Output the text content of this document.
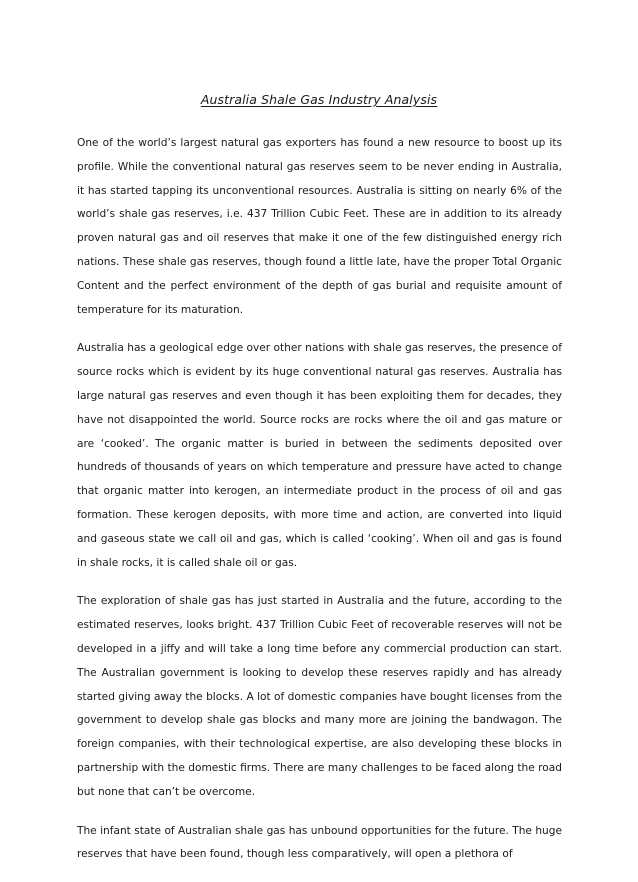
Australia Shale Gas Industry Analysis

One of the world’s largest natural gas exporters has found a new resource to boost up its profile. While the conventional natural gas reserves seem to be never ending in Australia, it has started tapping its unconventional resources. Australia is sitting on nearly 6% of the world’s shale gas reserves, i.e. 437 Trillion Cubic Feet. These are in addition to its already proven natural gas and oil reserves that make it one of the few distinguished energy rich nations. These shale gas reserves, though found a little late, have the proper Total Organic Content and the perfect environment of the depth of gas burial and requisite amount of temperature for its maturation.

Australia has a geological edge over other nations with shale gas reserves, the presence of source rocks which is evident by its huge conventional natural gas reserves. Australia has large natural gas reserves and even though it has been exploiting them for decades, they have not disappointed the world. Source rocks are rocks where the oil and gas mature or are ‘cooked’. The organic matter is buried in between the sediments deposited over hundreds of thousands of years on which temperature and pressure have acted to change that organic matter into kerogen, an intermediate product in the process of oil and gas formation. These kerogen deposits, with more time and action, are converted into liquid and gaseous state we call oil and gas, which is called ‘cooking’. When oil and gas is found in shale rocks, it is called shale oil or gas.

The exploration of shale gas has just started in Australia and the future, according to the estimated reserves, looks bright. 437 Trillion Cubic Feet of recoverable reserves will not be developed in a jiffy and will take a long time before any commercial production can start. The Australian government is looking to develop these reserves rapidly and has already started giving away the blocks. A lot of domestic companies have bought licenses from the government to develop shale gas blocks and many more are joining the bandwagon. The foreign companies, with their technological expertise, are also developing these blocks in partnership with the domestic firms. There are many challenges to be faced along the road but none that can’t be overcome.

The infant state of Australian shale gas has unbound opportunities for the future. The huge reserves that have been found, though less comparatively, will open a plethora of
